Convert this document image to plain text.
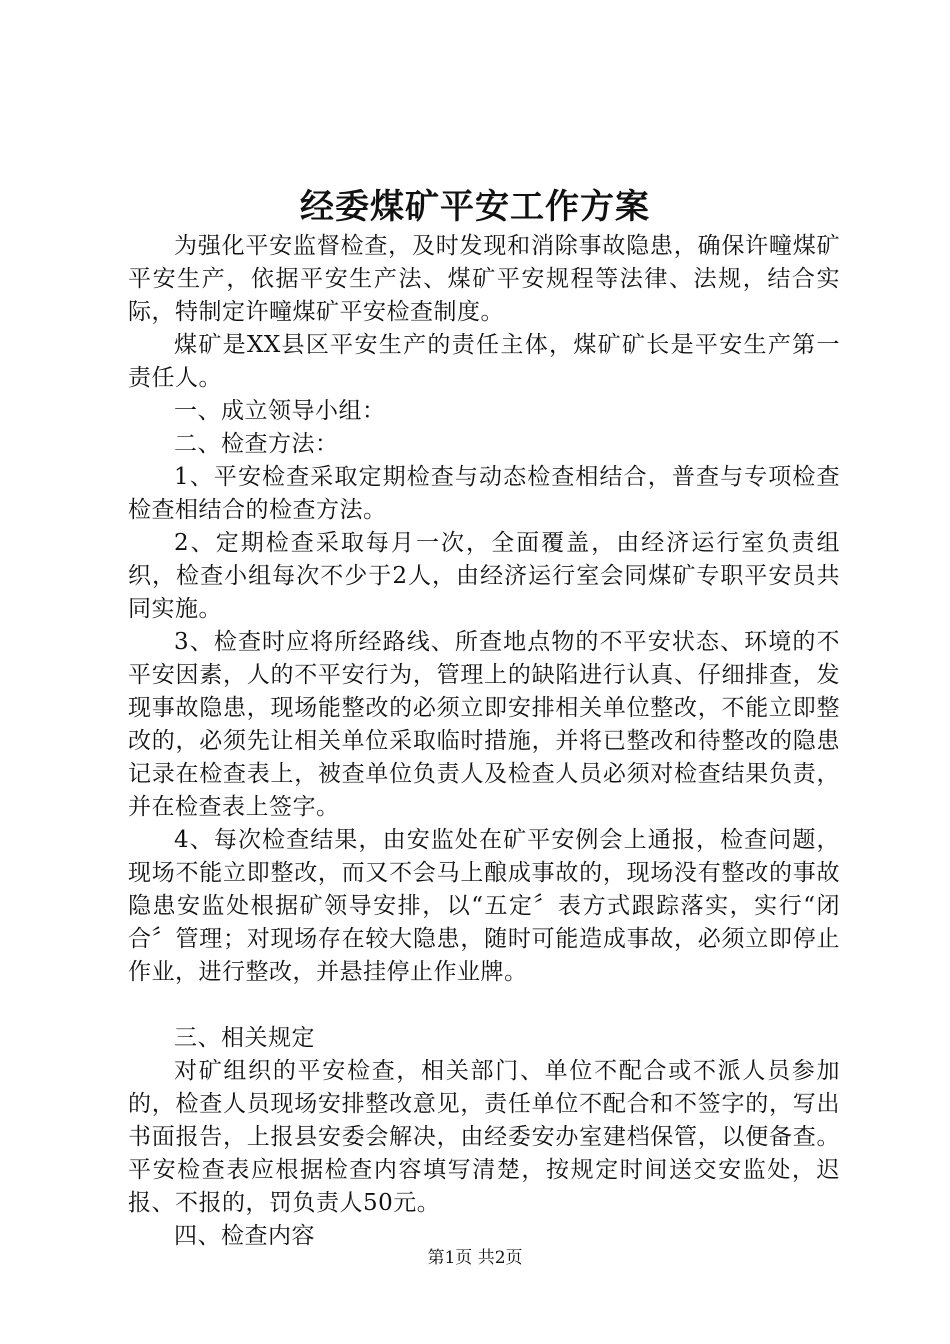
经委煤矿平安工作方案

为强化平安监督检查，及时发现和消除事故隐患，确保许疃煤矿平安生产，依据平安生产法、煤矿平安规程等法律、法规，结合实际，特制定许疃煤矿平安检查制度。

煤矿是XX县区平安生产的责任主体，煤矿矿长是平安生产第一责任人。

一、成立领导小组：

二、检查方法：

1、平安检查采取定期检查与动态检查相结合，普查与专项检查检查相结合的检查方法。

2、定期检查采取每月一次，全面覆盖，由经济运行室负责组织，检查小组每次不少于2人，由经济运行室会同煤矿专职平安员共同实施。

3、检查时应将所经路线、所查地点物的不平安状态、环境的不平安因素，人的不平安行为，管理上的缺陷进行认真、仔细排查，发现事故隐患，现场能整改的必须立即安排相关单位整改，不能立即整改的，必须先让相关单位采取临时措施，并将已整改和待整改的隐患记录在检查表上，被查单位负责人及检查人员必须对检查结果负责，并在检查表上签字。

4、每次检查结果，由安监处在矿平安例会上通报，检查问题，现场不能立即整改，而又不会马上酿成事故的，现场没有整改的事故隐患安监处根据矿领导安排，以“五定〞表方式跟踪落实，实行“闭合〞管理；对现场存在较大隐患，随时可能造成事故，必须立即停止作业，进行整改，并悬挂停止作业牌。

三、相关规定

对矿组织的平安检查，相关部门、单位不配合或不派人员参加的，检查人员现场安排整改意见，责任单位不配合和不签字的，写出书面报告，上报县安委会解决，由经委安办室建档保管，以便备查。平安检查表应根据检查内容填写清楚，按规定时间送交安监处，迟报、不报的，罚负责人50元。

四、检查内容

第1页 共2页
